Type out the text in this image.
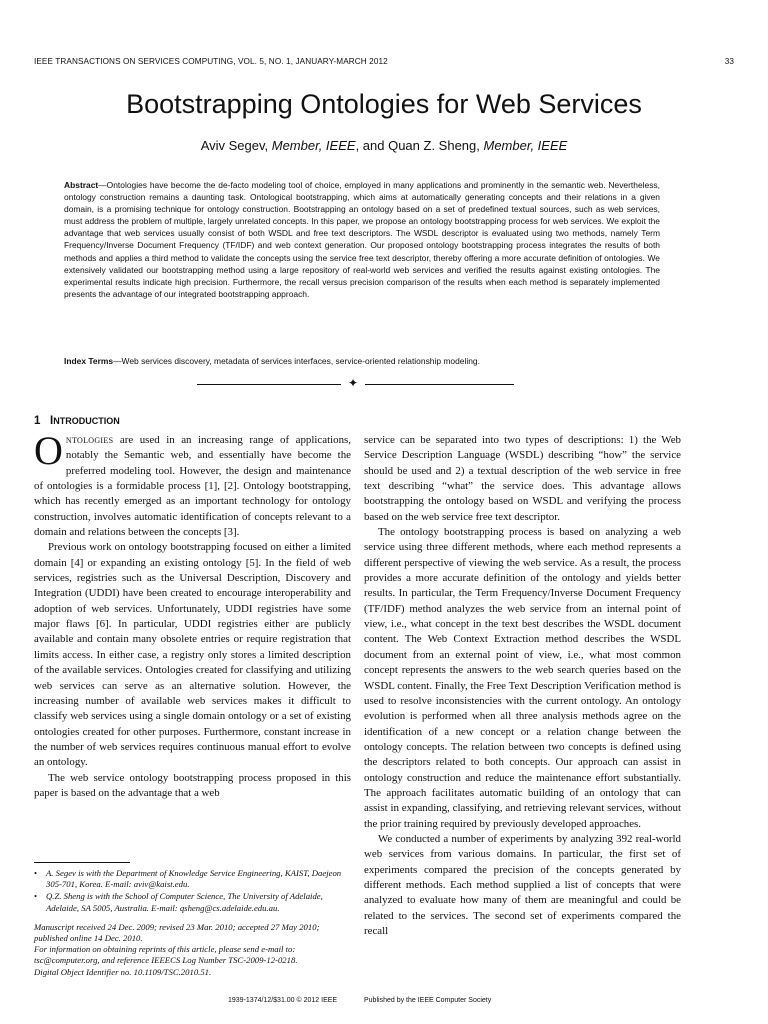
IEEE TRANSACTIONS ON SERVICES COMPUTING, VOL. 5, NO. 1, JANUARY-MARCH 2012	33
Bootstrapping Ontologies for Web Services
Aviv Segev, Member, IEEE, and Quan Z. Sheng, Member, IEEE
Abstract—Ontologies have become the de-facto modeling tool of choice, employed in many applications and prominently in the semantic web. Nevertheless, ontology construction remains a daunting task. Ontological bootstrapping, which aims at automatically generating concepts and their relations in a given domain, is a promising technique for ontology construction. Bootstrapping an ontology based on a set of predefined textual sources, such as web services, must address the problem of multiple, largely unrelated concepts. In this paper, we propose an ontology bootstrapping process for web services. We exploit the advantage that web services usually consist of both WSDL and free text descriptors. The WSDL descriptor is evaluated using two methods, namely Term Frequency/Inverse Document Frequency (TF/IDF) and web context generation. Our proposed ontology bootstrapping process integrates the results of both methods and applies a third method to validate the concepts using the service free text descriptor, thereby offering a more accurate definition of ontologies. We extensively validated our bootstrapping method using a large repository of real-world web services and verified the results against existing ontologies. The experimental results indicate high precision. Furthermore, the recall versus precision comparison of the results when each method is separately implemented presents the advantage of our integrated bootstrapping approach.
Index Terms—Web services discovery, metadata of services interfaces, service-oriented relationship modeling.
✦
1 INTRODUCTION

ONTOLOGIES are used in an increasing range of applications, notably the Semantic web, and essentially have become the preferred modeling tool. However, the design and maintenance of ontologies is a formidable process [1], [2]. Ontology bootstrapping, which has recently emerged as an important technology for ontology construction, involves automatic identification of concepts relevant to a domain and relations between the concepts [3].

Previous work on ontology bootstrapping focused on either a limited domain [4] or expanding an existing ontology [5]. In the field of web services, registries such as the Universal Description, Discovery and Integration (UDDI) have been created to encourage interoperability and adoption of web services. Unfortunately, UDDI registries have some major flaws [6]. In particular, UDDI registries either are publicly available and contain many obsolete entries or require registration that limits access. In either case, a registry only stores a limited description of the available services. Ontologies created for classifying and utilizing web services can serve as an alternative solution. However, the increasing number of available web services makes it difficult to classify web services using a single domain ontology or a set of existing ontologies created for other purposes. Furthermore, constant increase in the number of web services requires continuous manual effort to evolve an ontology.

The web service ontology bootstrapping process proposed in this paper is based on the advantage that a web

service can be separated into two types of descriptions: 1) the Web Service Description Language (WSDL) describing “how” the service should be used and 2) a textual description of the web service in free text describing “what” the service does. This advantage allows bootstrapping the ontology based on WSDL and verifying the process based on the web service free text descriptor.

The ontology bootstrapping process is based on analyzing a web service using three different methods, where each method represents a different perspective of viewing the web service. As a result, the process provides a more accurate definition of the ontology and yields better results. In particular, the Term Frequency/Inverse Document Frequency (TF/IDF) method analyzes the web service from an internal point of view, i.e., what concept in the text best describes the WSDL document content. The Web Context Extraction method describes the WSDL document from an external point of view, i.e., what most common concept represents the answers to the web search queries based on the WSDL content. Finally, the Free Text Description Verification method is used to resolve inconsistencies with the current ontology. An ontology evolution is performed when all three analysis methods agree on the identification of a new concept or a relation change between the ontology concepts. The relation between two concepts is defined using the descriptors related to both concepts. Our approach can assist in ontology construction and reduce the maintenance effort substantially. The approach facilitates automatic building of an ontology that can assist in expanding, classifying, and retrieving relevant services, without the prior training required by previously developed approaches.

We conducted a number of experiments by analyzing 392 real-world web services from various domains. In particular, the first set of experiments compared the precision of the concepts generated by different methods. Each method supplied a list of concepts that were analyzed to evaluate how many of them are meaningful and could be related to the services. The second set of experiments compared the recall

• A. Segev is with the Department of Knowledge Service Engineering, KAIST, Daejeon 305-701, Korea. E-mail: aviv@kaist.edu.
• Q.Z. Sheng is with the School of Computer Science, The University of Adelaide, Adelaide, SA 5005, Australia. E-mail: qsheng@cs.adelaide.edu.au.
Manuscript received 24 Dec. 2009; revised 23 Mar. 2010; accepted 27 May 2010; published online 14 Dec. 2010.
For information on obtaining reprints of this article, please send e-mail to: tsc@computer.org, and reference IEEECS Log Number TSC-2009-12-0218.
Digital Object Identifier no. 10.1109/TSC.2010.51.
1939-1374/12/$31.00 © 2012 IEEE	Published by the IEEE Computer Society
